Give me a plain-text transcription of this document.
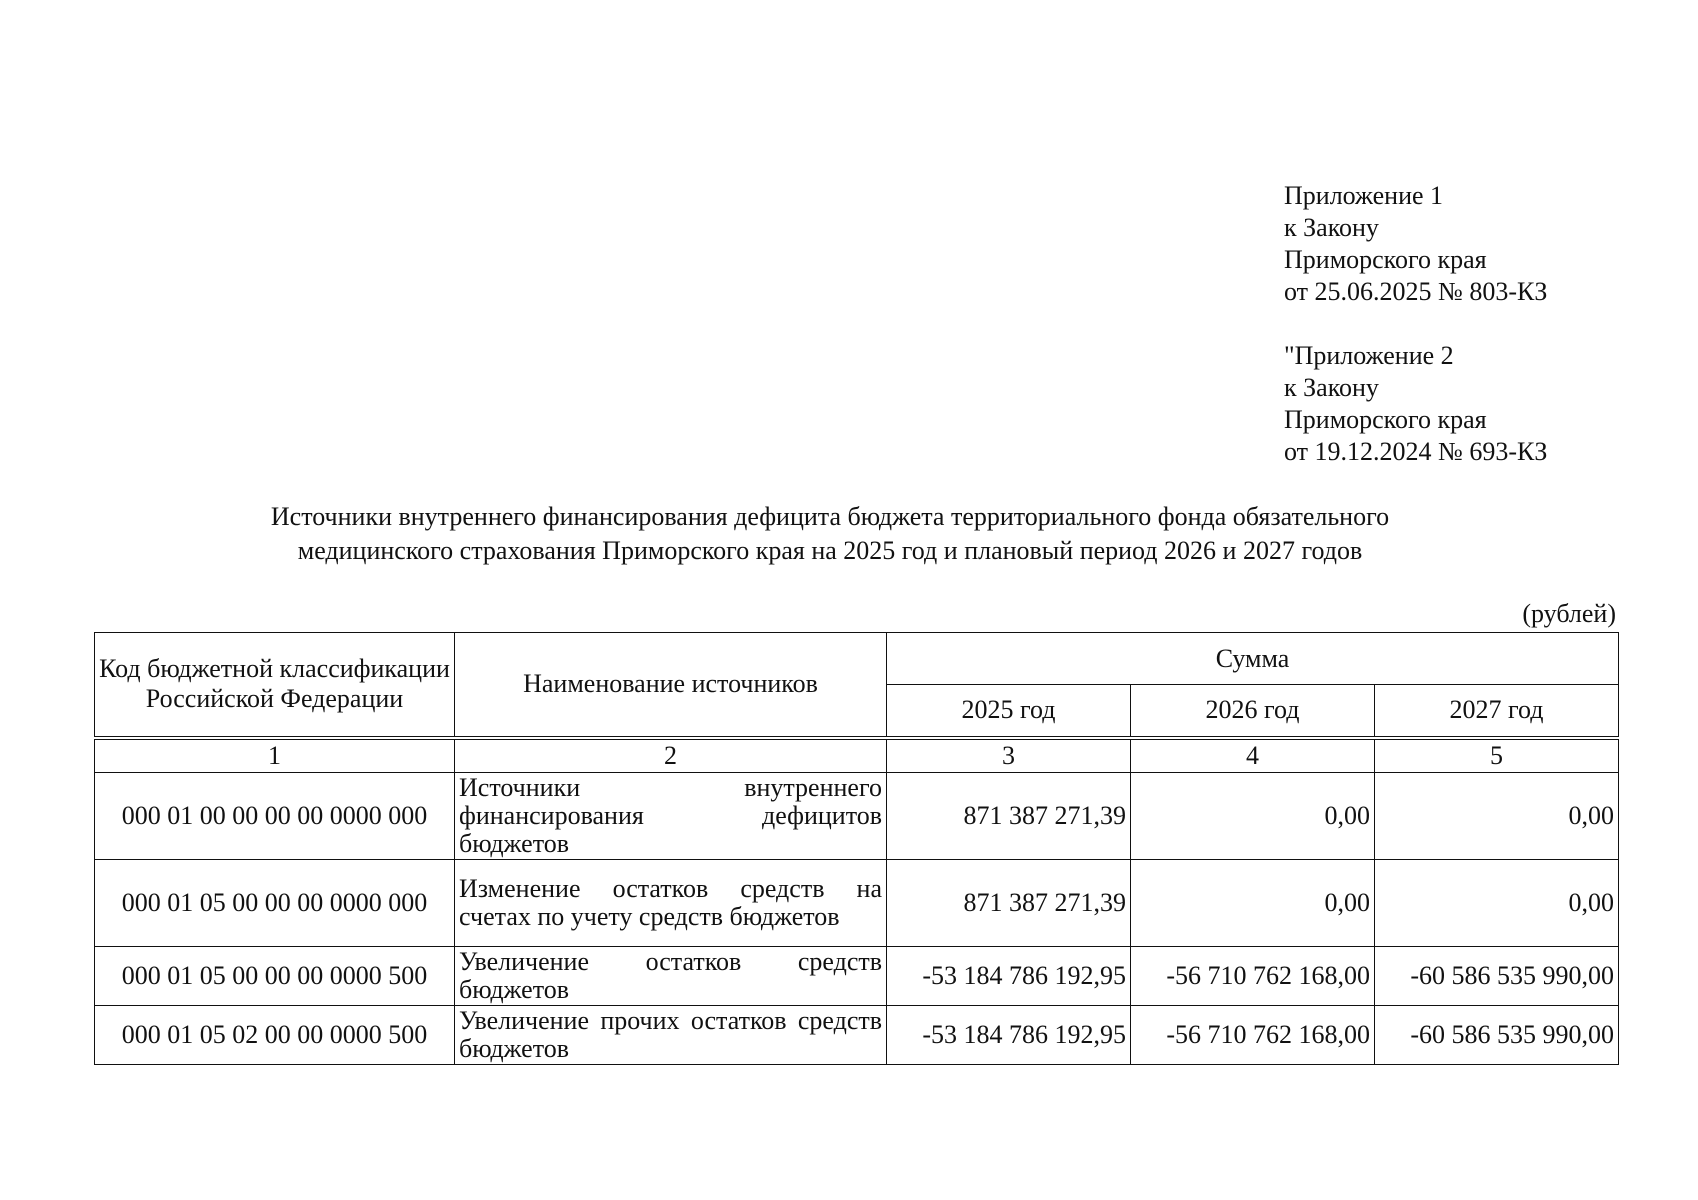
Приложение 1
к Закону
Приморского края
от 25.06.2025 № 803-КЗ
"Приложение 2
к Закону
Приморского края
от 19.12.2024 № 693-КЗ
Источники внутреннего финансирования дефицита бюджета территориального фонда обязательного
медицинского страхования Приморского края на 2025 год и плановый период 2026 и 2027 годов
(рублей)
Код бюджетной классификации Российской Федерации	Наименование источников	Сумма		
		2025 год	2026 год	2027 год
1	2	3	4	5
000 01 00 00 00 00 0000 000	Источники внутреннего финансирования дефицитов бюджетов	871 387 271,39	0,00	0,00
000 01 05 00 00 00 0000 000	Изменение остатков средств на счетах по учету средств бюджетов	871 387 271,39	0,00	0,00
000 01 05 00 00 00 0000 500	Увеличение остатков средств бюджетов	-53 184 786 192,95	-56 710 762 168,00	-60 586 535 990,00
000 01 05 02 00 00 0000 500	Увеличение прочих остатков средств бюджетов	-53 184 786 192,95	-56 710 762 168,00	-60 586 535 990,00
